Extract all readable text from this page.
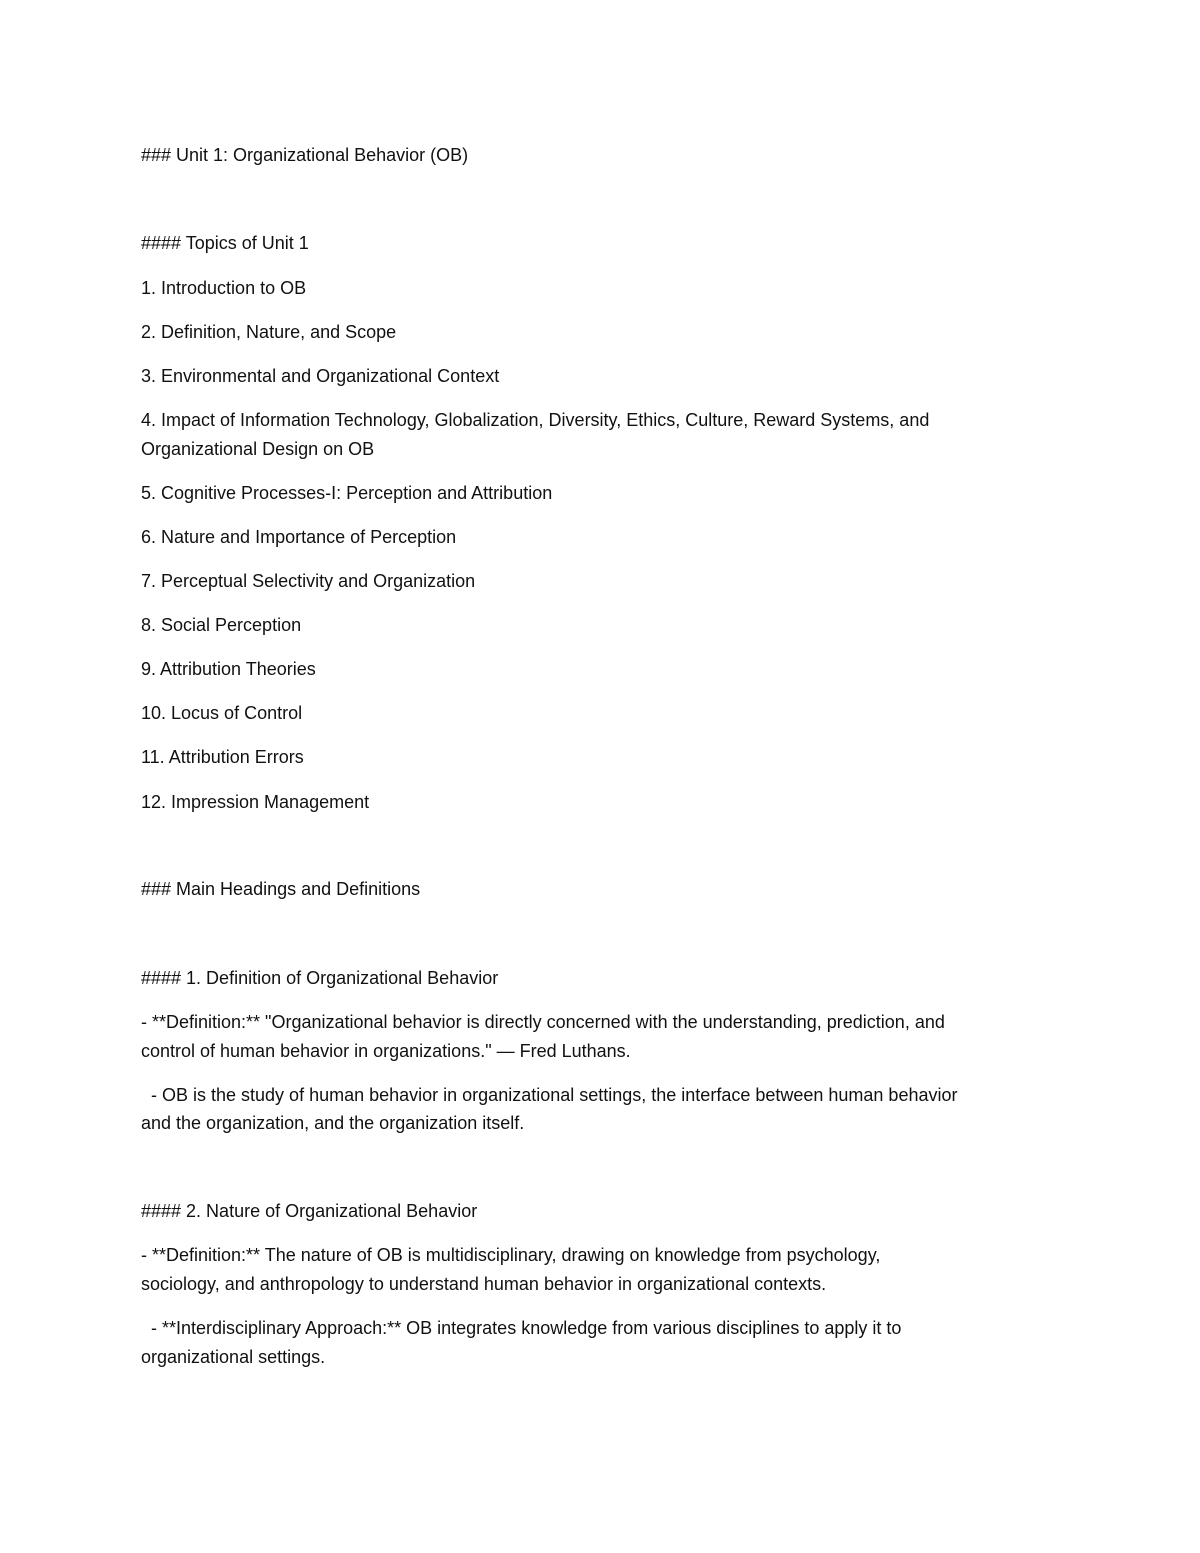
### Unit 1: Organizational Behavior (OB)
#### Topics of Unit 1
1. Introduction to OB
2. Definition, Nature, and Scope
3. Environmental and Organizational Context
4. Impact of Information Technology, Globalization, Diversity, Ethics, Culture, Reward Systems, and
Organizational Design on OB
5. Cognitive Processes-I: Perception and Attribution
6. Nature and Importance of Perception
7. Perceptual Selectivity and Organization
8. Social Perception
9. Attribution Theories
10. Locus of Control
11. Attribution Errors
12. Impression Management
### Main Headings and Definitions
#### 1. Definition of Organizational Behavior
- **Definition:** "Organizational behavior is directly concerned with the understanding, prediction, and
control of human behavior in organizations." — Fred Luthans.
- OB is the study of human behavior in organizational settings, the interface between human behavior
and the organization, and the organization itself.
#### 2. Nature of Organizational Behavior
- **Definition:** The nature of OB is multidisciplinary, drawing on knowledge from psychology,
sociology, and anthropology to understand human behavior in organizational contexts.
- **Interdisciplinary Approach:** OB integrates knowledge from various disciplines to apply it to
organizational settings.
